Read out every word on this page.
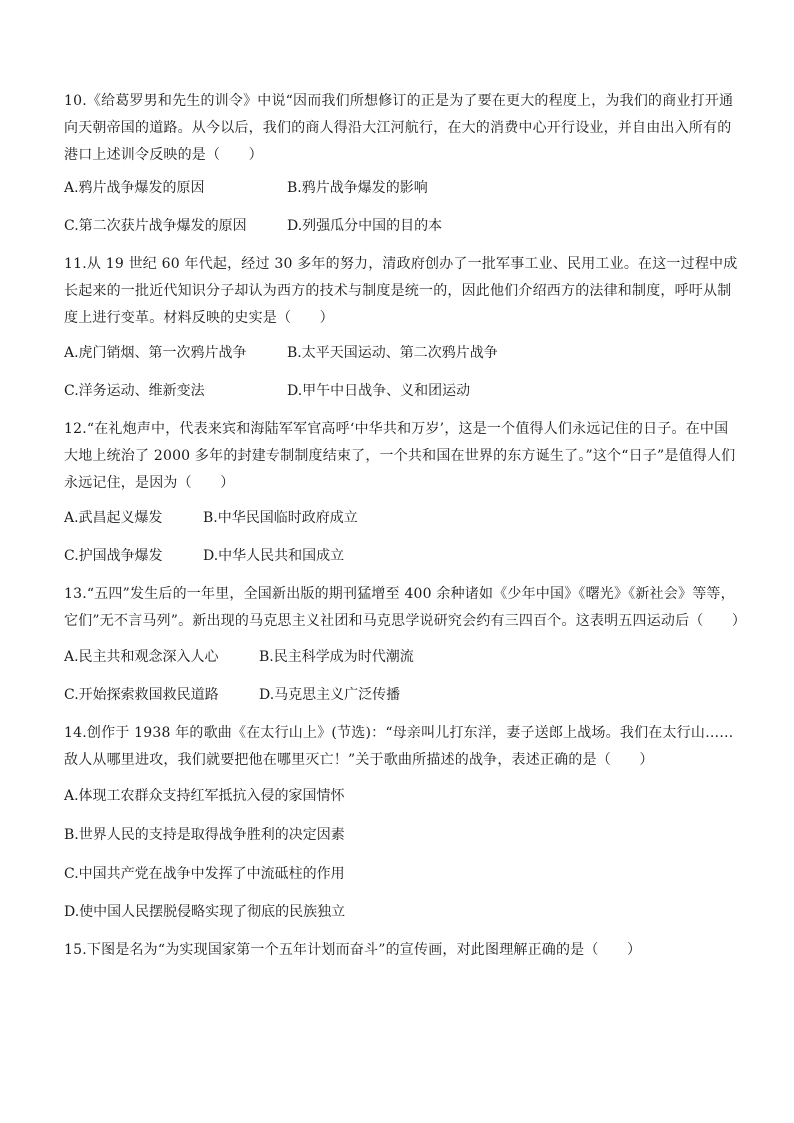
10.《给葛罗男和先生的训令》中说“因而我们所想修订的正是为了要在更大的程度上，为我们的商业打开通向天朝帝国的道路。从今以后，我们的商人得沿大江河航行，在大的消费中心开行设业，并自由出入所有的港口上述训令反映的是（　　）

A.鸦片战争爆发的原因	B.鸦片战争爆发的影响
C.第二次获片战争爆发的原因	D.列强瓜分中国的目的本

11.从 19 世纪 60 年代起，经过 30 多年的努力，清政府创办了一批军事工业、民用工业。在这一过程中成长起来的一批近代知识分子却认为西方的技术与制度是统一的，因此他们介绍西方的法律和制度，呼吁从制度上进行变革。材料反映的史实是（　　）

A.虎门销烟、第一次鸦片战争	B.太平天国运动、第二次鸦片战争
C.洋务运动、维新变法	D.甲午中日战争、义和团运动

12.“在礼炮声中，代表来宾和海陆军军官高呼‘中华共和万岁’，这是一个值得人们永远记住的日子。在中国大地上统治了 2000 多年的封建专制制度结束了，一个共和国在世界的东方诞生了。”这个“日子”是值得人们永远记住，是因为（　　）

A.武昌起义爆发	B.中华民国临时政府成立
C.护国战争爆发	D.中华人民共和国成立

13.“五四”发生后的一年里，全国新出版的期刊猛增至 400 余种诸如《少年中国》《曙光》《新社会》等等，它们”无不言马列”。新出现的马克思主义社团和马克思学说研究会约有三四百个。这表明五四运动后（　　）

A.民主共和观念深入人心	B.民主科学成为时代潮流
C.开始探索救国救民道路	D.马克思主义广泛传播

14.创作于 1938 年的歌曲《在太行山上》(节选)：“母亲叫儿打东洋，妻子送郎上战场。我们在太行山……敌人从哪里进攻，我们就要把他在哪里灭亡！”关于歌曲所描述的战争，表述正确的是（　　）

A.体现工农群众支持红军抵抗入侵的家国情怀
B.世界人民的支持是取得战争胜利的决定因素
C.中国共产党在战争中发挥了中流砥柱的作用
D.使中国人民摆脱侵略实现了彻底的民族独立

15.下图是名为“为实现国家第一个五年计划而奋斗”的宣传画，对此图理解正确的是（　　）
